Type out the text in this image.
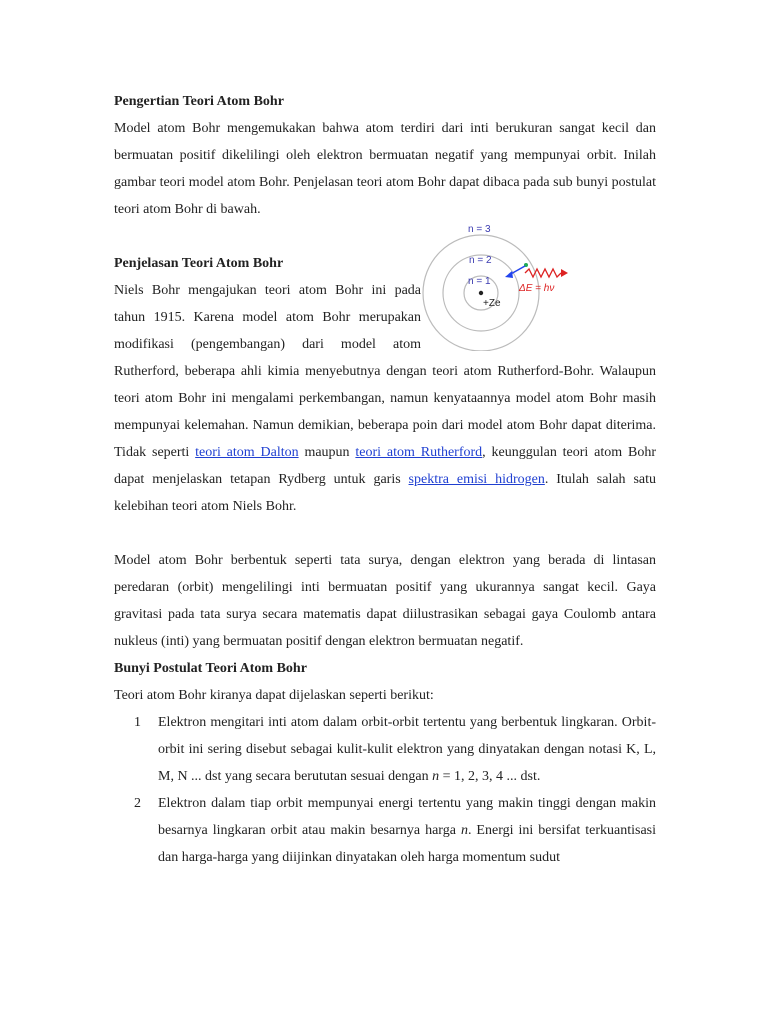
Pengertian Teori Atom Bohr

Model atom Bohr mengemukakan bahwa atom terdiri dari inti berukuran sangat kecil dan bermuatan positif dikelilingi oleh elektron bermuatan negatif yang mempunyai orbit. Inilah gambar teori model atom Bohr. Penjelasan teori atom Bohr dapat dibaca pada sub bunyi postulat teori atom Bohr di bawah.

n = 3
n = 2
n = 1
+Ze
ΔE = hν
Penjelasan Teori Atom Bohr

Niels Bohr mengajukan teori atom Bohr ini pada tahun 1915. Karena model atom Bohr merupakan modifikasi (pengembangan) dari model atom Rutherford, beberapa ahli kimia menyebutnya dengan teori atom Rutherford-Bohr. Walaupun teori atom Bohr ini mengalami perkembangan, namun kenyataannya model atom Bohr masih mempunyai kelemahan. Namun demikian, beberapa poin dari model atom Bohr dapat diterima. Tidak seperti teori atom Dalton maupun teori atom Rutherford, keunggulan teori atom Bohr dapat menjelaskan tetapan Rydberg untuk garis spektra emisi hidrogen. Itulah salah satu kelebihan teori atom Niels Bohr.

Model atom Bohr berbentuk seperti tata surya, dengan elektron yang berada di lintasan peredaran (orbit) mengelilingi inti bermuatan positif yang ukurannya sangat kecil. Gaya gravitasi pada tata surya secara matematis dapat diilustrasikan sebagai gaya Coulomb antara nukleus (inti) yang bermuatan positif dengan elektron bermuatan negatif.

Bunyi Postulat Teori Atom Bohr

Teori atom Bohr kiranya dapat dijelaskan seperti berikut:

1	Elektron mengitari inti atom dalam orbit-orbit tertentu yang berbentuk lingkaran. Orbit-orbit ini sering disebut sebagai kulit-kulit elektron yang dinyatakan dengan notasi K, L, M, N ... dst yang secara berututan sesuai dengan n = 1, 2, 3, 4 ... dst.
2	Elektron dalam tiap orbit mempunyai energi tertentu yang makin tinggi dengan makin besarnya lingkaran orbit atau makin besarnya harga n. Energi ini bersifat terkuantisasi dan harga-harga yang diijinkan dinyatakan oleh harga momentum sudut
